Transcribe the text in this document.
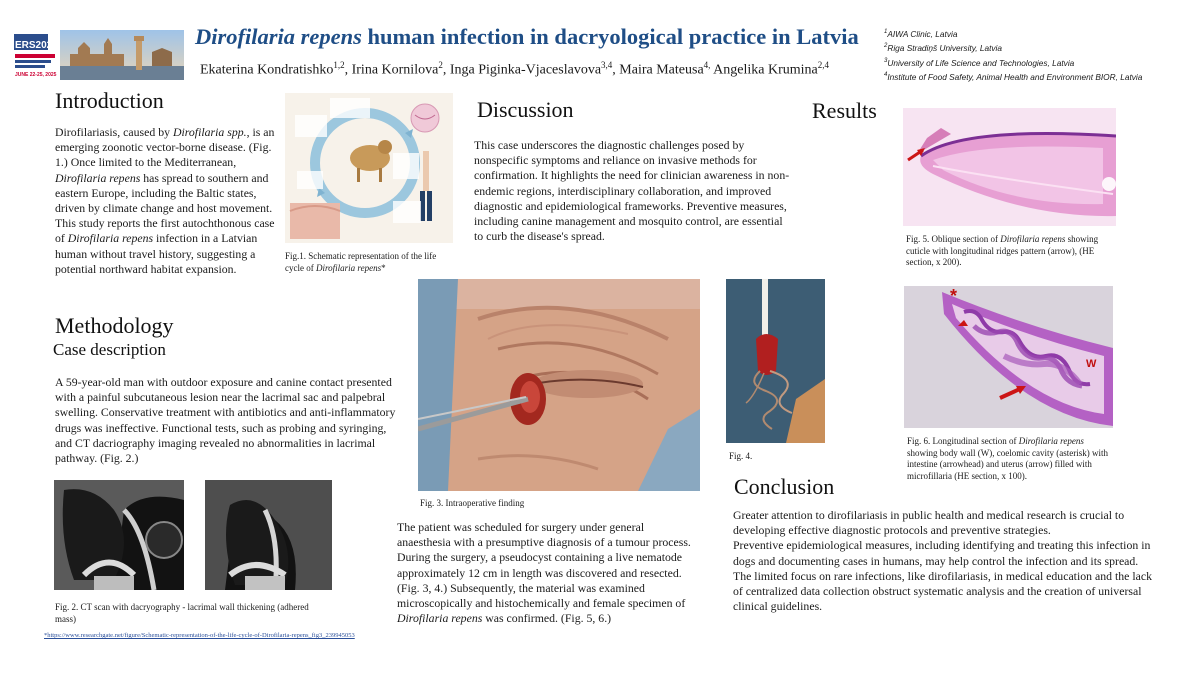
ERS2025
JUNE 22-25, 2025
Dirofilaria repens human infection in dacryological practice in Latvia
Ekaterina Kondratishko$^{1,2}$, Irina Kornilova$^2$, Inga Piginka-Vjaceslavova$^{3,4}$, Maira Mateusa$^{4,}$ Angelika Krumina$^{2,4}$
$^1$AIWA Clinic, Latvia
$^2$Riga Stradiņš University, Latvia
$^3$University of Life Science and Technologies, Latvia
$^4$Institute of Food Safety, Animal Health and Environment BIOR, Latvia
Introduction
Dirofilariasis, caused by Dirofilaria spp., is an emerging zoonotic vector-borne disease. (Fig. 1.) Once limited to the Mediterranean, Dirofilaria repens has spread to southern and eastern Europe, including the Baltic states, driven by climate change and host movement. This study reports the first autochthonous case of Dirofilaria repens infection in a Latvian human without travel history, suggesting a potential northward habitat expansion.
Fig.1. Schematic representation of the life cycle of Dirofilaria repens*
Discussion
This case underscores the diagnostic challenges posed by nonspecific symptoms and reliance on invasive methods for confirmation. It highlights the need for clinician awareness in non-endemic regions, interdisciplinary collaboration, and improved diagnostic and epidemiological frameworks. Preventive measures, including canine management and mosquito control, are essential to curb the disease's spread.
Results
Fig. 5. Oblique section of Dirofilaria repens showing cuticle with longitudinal ridges pattern (arrow), (HE section, x 200).
*
W
Fig. 6. Longitudinal section of Dirofilaria repens showing body wall (W), coelomic cavity (asterisk) with intestine (arrowhead) and uterus (arrow) filled with microfillaria (HE section, x 100).
Methodology
Case description
A 59-year-old man with outdoor exposure and canine contact presented with a painful subcutaneous lesion near the lacrimal sac and palpebral swelling. Conservative treatment with antibiotics and anti-inflammatory drugs was ineffective. Functional tests, such as probing and syringing, and CT dacriography imaging revealed no abnormalities in lacrimal pathway. (Fig. 2.)
Fig. 2. CT scan with dacryography - lacrimal wall thickening (adhered mass)
Fig. 3. Intraoperative finding
Fig. 4.
The patient was scheduled for surgery under general anaesthesia with a presumptive diagnosis of a tumour process. During the surgery, a pseudocyst containing a live nematode approximately 12 cm in length was discovered and resected. (Fig. 3, 4.) Subsequently, the material was examined microscopically and histochemically and female specimen of Dirofilaria repens was confirmed. (Fig. 5, 6.)
Conclusion
Greater attention to dirofilariasis in public health and medical research is crucial to developing effective diagnostic protocols and preventive strategies.
Preventive epidemiological measures, including identifying and treating this infection in dogs and documenting cases in humans, may help control the infection and its spread.
The limited focus on rare infections, like dirofilariasis, in medical education and the lack of centralized data collection obstruct systematic analysis and the creation of universal clinical guidelines.
*https://www.researchgate.net/figure/Schematic-representation-of-the-life-cycle-of-Dirofilaria-repens_fig3_239945053
